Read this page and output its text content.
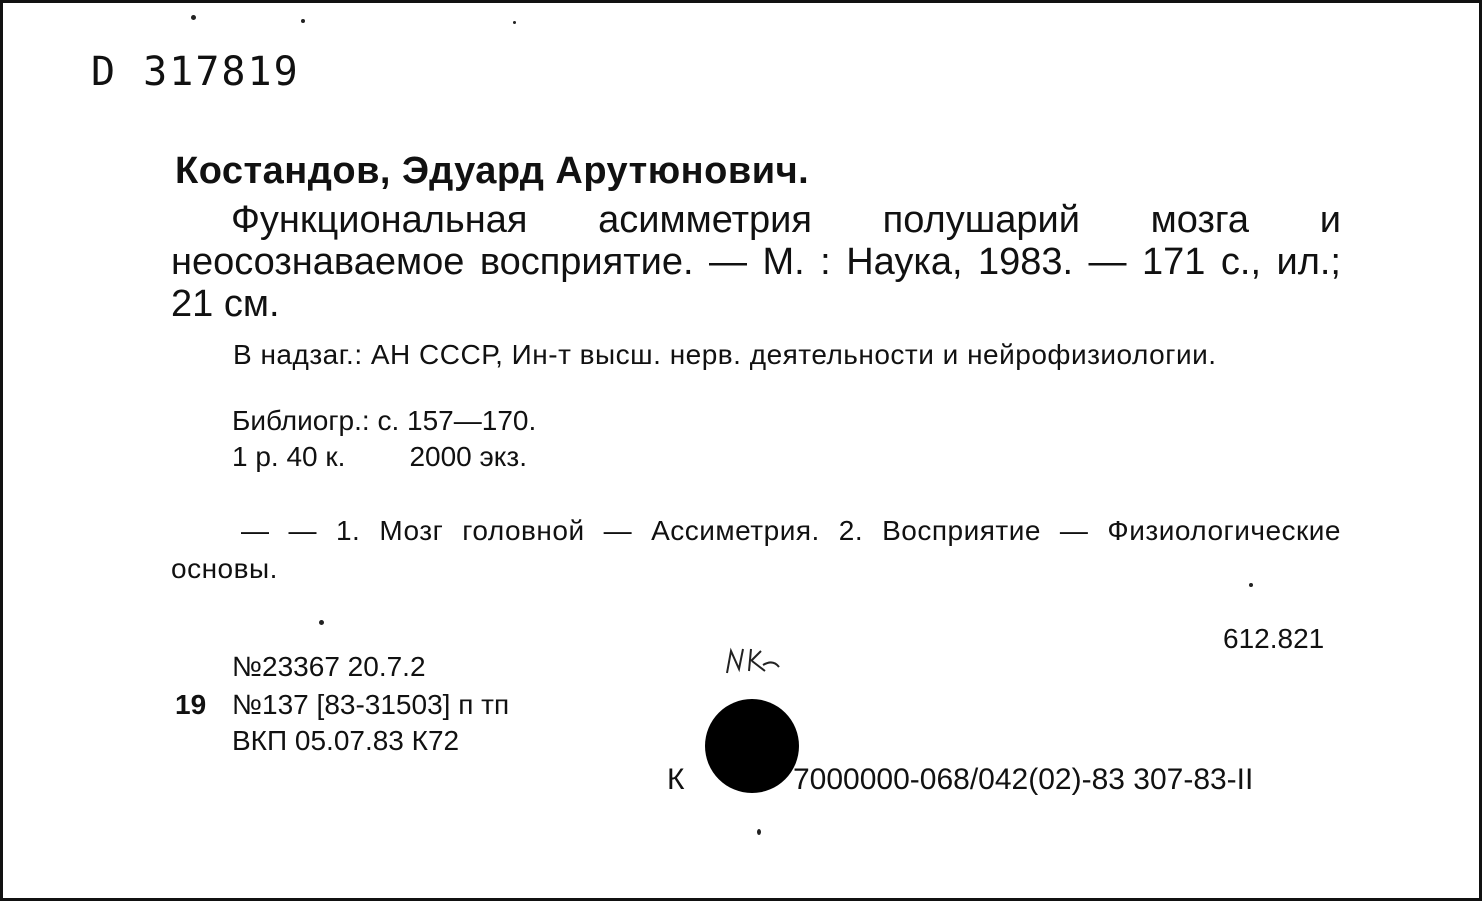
D 317819
Костандов, Эдуард Арутюнович.
Функциональная асимметрия полушарий мозга и неосознаваемое восприятие. — М. : Наука, 1983. — 171 с., ил.; 21 см.
В надзаг.: АН СССР, Ин-т высш. нерв. деятельности и нейрофизиологии.
Библиогр.: с. 157—170.
1 р. 40 к. 2000 экз.
— — 1. Мозг головной — Ассиметрия. 2. Восприятие — Физиологические основы.
612.821
№23367 20.7.2
19 №137 [83-31503] п тп
ВКП 05.07.83 К72
К	7000000-068/042(02)-83 307-83-II
